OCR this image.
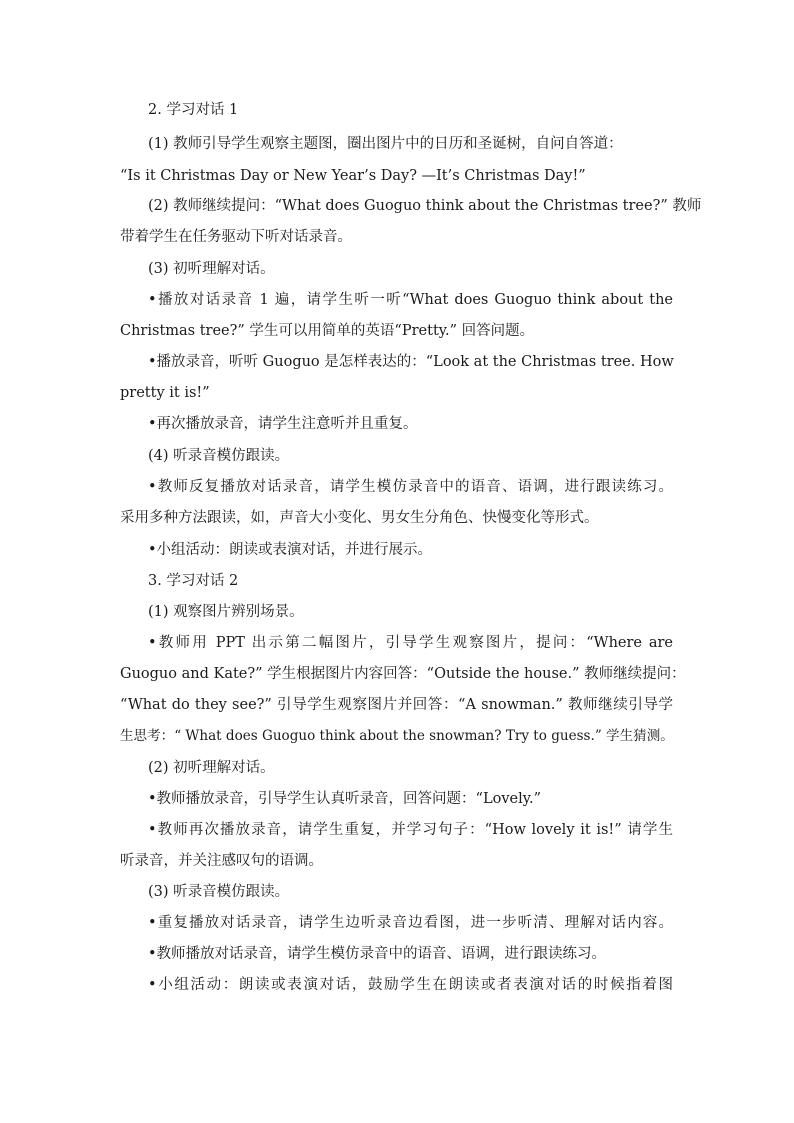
2. 学习对话 1
(1) 教师引导学生观察主题图，圈出图片中的日历和圣诞树，自问自答道：
“Is it Christmas Day or New Year’s Day? —It’s Christmas Day!”
(2) 教师继续提问：“What does Guoguo think about the Christmas tree?” 教师
带着学生在任务驱动下听对话录音。
(3) 初听理解对话。
•播放对话录音 1 遍，请学生听一听“What does Guoguo think about the
Christmas tree?” 学生可以用简单的英语“Pretty.” 回答问题。
•播放录音，听听 Guoguo 是怎样表达的：“Look at the Christmas tree. How
pretty it is!”
•再次播放录音，请学生注意听并且重复。
(4) 听录音模仿跟读。
•教师反复播放对话录音，请学生模仿录音中的语音、语调，进行跟读练习。
采用多种方法跟读，如，声音大小变化、男女生分角色、快慢变化等形式。
•小组活动：朗读或表演对话，并进行展示。
3. 学习对话 2
(1) 观察图片辨别场景。
•教师用 PPT 出示第二幅图片，引导学生观察图片，提问：“Where are
Guoguo and Kate?” 学生根据图片内容回答：“Outside the house.” 教师继续提问：
“What do they see?” 引导学生观察图片并回答：“A snowman.” 教师继续引导学
生思考：“ What does Guoguo think about the snowman? Try to guess.” 学生猜测。
(2) 初听理解对话。
•教师播放录音，引导学生认真听录音，回答问题：“Lovely.”
•教师再次播放录音，请学生重复，并学习句子：“How lovely it is!” 请学生
听录音，并关注感叹句的语调。
(3) 听录音模仿跟读。
•重复播放对话录音，请学生边听录音边看图，进一步听清、理解对话内容。
•教师播放对话录音，请学生模仿录音中的语音、语调，进行跟读练习。
•小组活动：朗读或表演对话，鼓励学生在朗读或者表演对话的时候指着图
